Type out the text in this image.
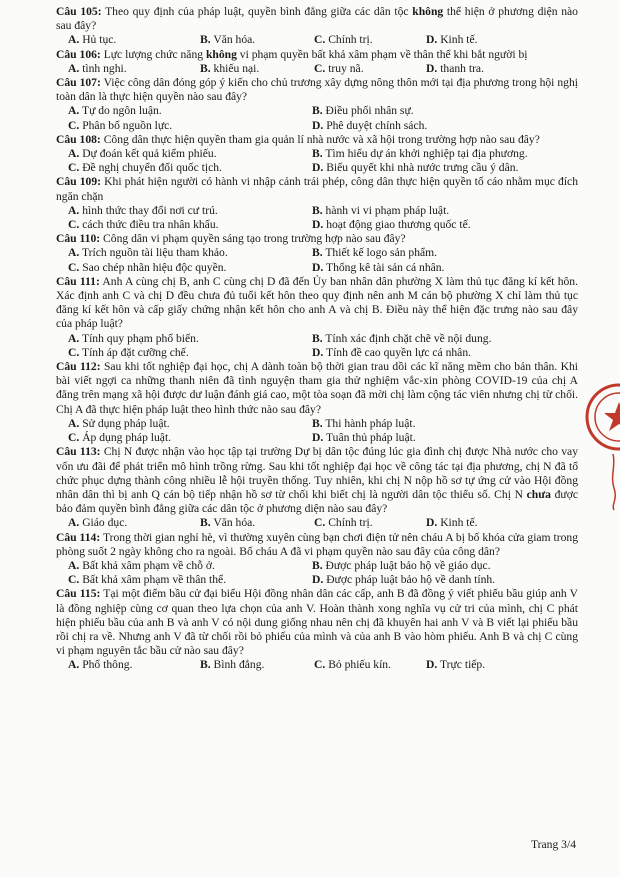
Câu 105: Theo quy định của pháp luật, quyền bình đẳng giữa các dân tộc không thể hiện ở phương diện nào sau đây?

A. Hủ tục.	B. Văn hóa.	C. Chính trị.	D. Kinh tế.

Câu 106: Lực lượng chức năng không vi phạm quyền bất khả xâm phạm về thân thể khi bắt người bị

A. tình nghi.	B. khiếu nại.	C. truy nã.	D. thanh tra.

Câu 107: Việc công dân đóng góp ý kiến cho chủ trương xây dựng nông thôn mới tại địa phương trong hội nghị toàn dân là thực hiện quyền nào sau đây?

A. Tự do ngôn luận.	B. Điều phối nhân sự.
C. Phân bổ nguồn lực.	D. Phê duyệt chính sách.

Câu 108: Công dân thực hiện quyền tham gia quản lí nhà nước và xã hội trong trường hợp nào sau đây?

A. Dự đoán kết quả kiểm phiếu.	B. Tìm hiểu dự án khởi nghiệp tại địa phương.
C. Đề nghị chuyển đổi quốc tịch.	D. Biểu quyết khi nhà nước trưng cầu ý dân.

Câu 109: Khi phát hiện người có hành vi nhập cảnh trái phép, công dân thực hiện quyền tố cáo nhằm mục đích ngăn chặn

A. hình thức thay đổi nơi cư trú.	B. hành vi vi phạm pháp luật.
C. cách thức điều tra nhân khẩu.	D. hoạt động giao thương quốc tế.

Câu 110: Công dân vi phạm quyền sáng tạo trong trường hợp nào sau đây?

A. Trích nguồn tài liệu tham khảo.	B. Thiết kế logo sản phẩm.
C. Sao chép nhãn hiệu độc quyền.	D. Thống kê tài sản cá nhân.

Câu 111: Anh A cùng chị B, anh C cùng chị D đã đến Ủy ban nhân dân phường X làm thủ tục đăng kí kết hôn. Xác định anh C và chị D đều chưa đủ tuổi kết hôn theo quy định nên anh M cán bộ phường X chỉ làm thủ tục đăng kí kết hôn và cấp giấy chứng nhận kết hôn cho anh A và chị B. Điều này thể hiện đặc trưng nào sau đây của pháp luật?

A. Tính quy phạm phổ biến.	B. Tính xác định chặt chẽ về nội dung.
C. Tính áp đặt cưỡng chế.	D. Tính đề cao quyền lực cá nhân.

Câu 112: Sau khi tốt nghiệp đại học, chị A dành toàn bộ thời gian trau dồi các kĩ năng mềm cho bản thân. Khi bài viết ngợi ca những thanh niên đã tình nguyện tham gia thử nghiệm vắc-xin phòng COVID-19 của chị A đăng trên mạng xã hội được dư luận đánh giá cao, một tòa soạn đã mời chị làm cộng tác viên nhưng chị từ chối. Chị A đã thực hiện pháp luật theo hình thức nào sau đây?

A. Sử dụng pháp luật.	B. Thi hành pháp luật.
C. Áp dụng pháp luật.	D. Tuân thủ pháp luật.

Câu 113: Chị N được nhận vào học tập tại trường Dự bị dân tộc đúng lúc gia đình chị được Nhà nước cho vay vốn ưu đãi để phát triển mô hình trồng rừng. Sau khi tốt nghiệp đại học về công tác tại địa phương, chị N đã tổ chức phục dựng thành công nhiều lễ hội truyền thống. Tuy nhiên, khi chị N nộp hồ sơ tự ứng cử vào Hội đồng nhân dân thì bị anh Q cán bộ tiếp nhận hồ sơ từ chối khi biết chị là người dân tộc thiểu số. Chị N chưa được bảo đảm quyền bình đẳng giữa các dân tộc ở phương diện nào sau đây?

A. Giáo dục.	B. Văn hóa.	C. Chính trị.	D. Kinh tế.

Câu 114: Trong thời gian nghỉ hè, vì thường xuyên cùng bạn chơi điện tử nên cháu A bị bố khóa cửa giam trong phòng suốt 2 ngày không cho ra ngoài. Bố cháu A đã vi phạm quyền nào sau đây của công dân?

A. Bất khả xâm phạm về chỗ ở.	B. Được pháp luật bảo hộ về giáo dục.
C. Bất khả xâm phạm về thân thể.	D. Được pháp luật bảo hộ về danh tính.

Câu 115: Tại một điểm bầu cử đại biểu Hội đồng nhân dân các cấp, anh B đã đồng ý viết phiếu bầu giúp anh V là đồng nghiệp cùng cơ quan theo lựa chọn của anh V. Hoàn thành xong nghĩa vụ cử tri của mình, chị C phát hiện phiếu bầu của anh B và anh V có nội dung giống nhau nên chị đã khuyên hai anh V và B viết lại phiếu bầu rồi chị ra về. Nhưng anh V đã từ chối rồi bỏ phiếu của mình và của anh B vào hòm phiếu. Anh B và chị C cùng vi phạm nguyên tắc bầu cử nào sau đây?

A. Phổ thông.	B. Bình đẳng.	C. Bỏ phiếu kín.	D. Trực tiếp.
Trang 3/4
